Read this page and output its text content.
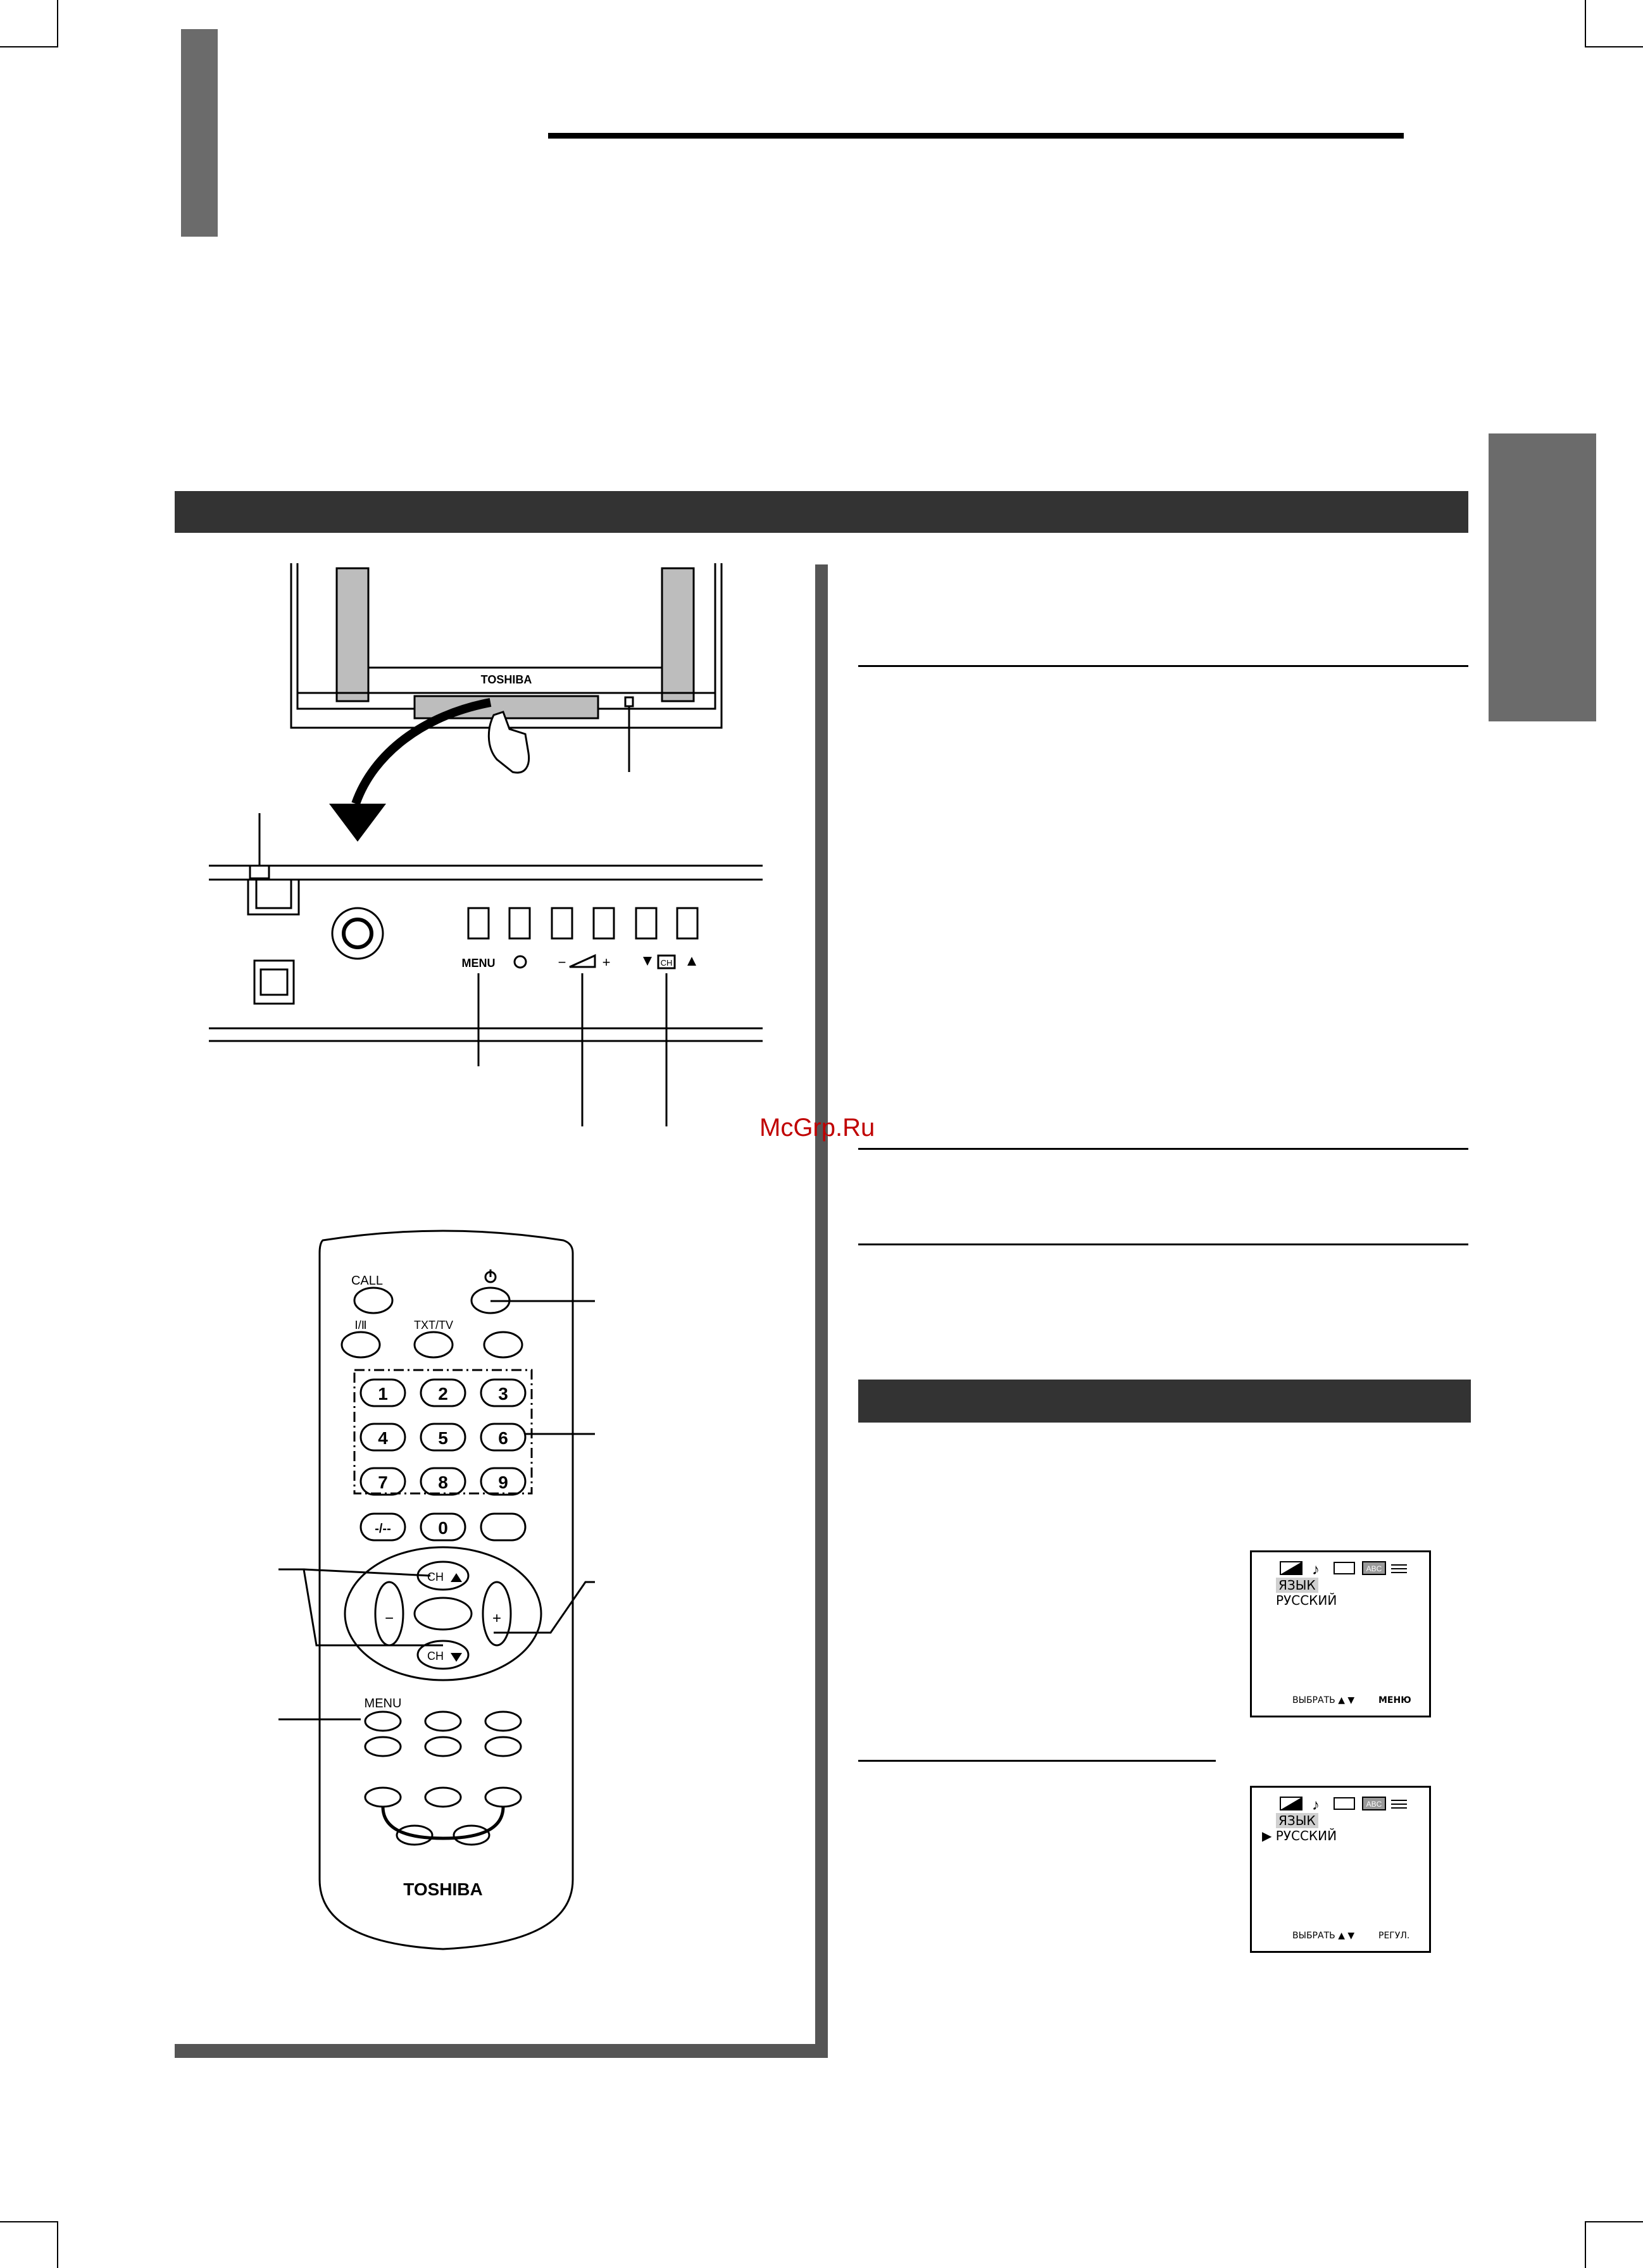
TOSHIBA
MENU	−	+	CH
CALL
Ⅰ/Ⅱ	TXT/TV
1	2	3
4	5	6
7	8	9
0
-/--
CH
CH
−	+
MENU
TOSHIBA
McGrp.Ru
♪	ABC
ЯЗЫК
РУССКИЙ
ВЫБРАТЬ ▲ ▼	МЕНЮ
♪	ABC
ЯЗЫК
▶ РУССКИЙ
ВЫБРАТЬ ▲ ▼	РЕГУЛ.
